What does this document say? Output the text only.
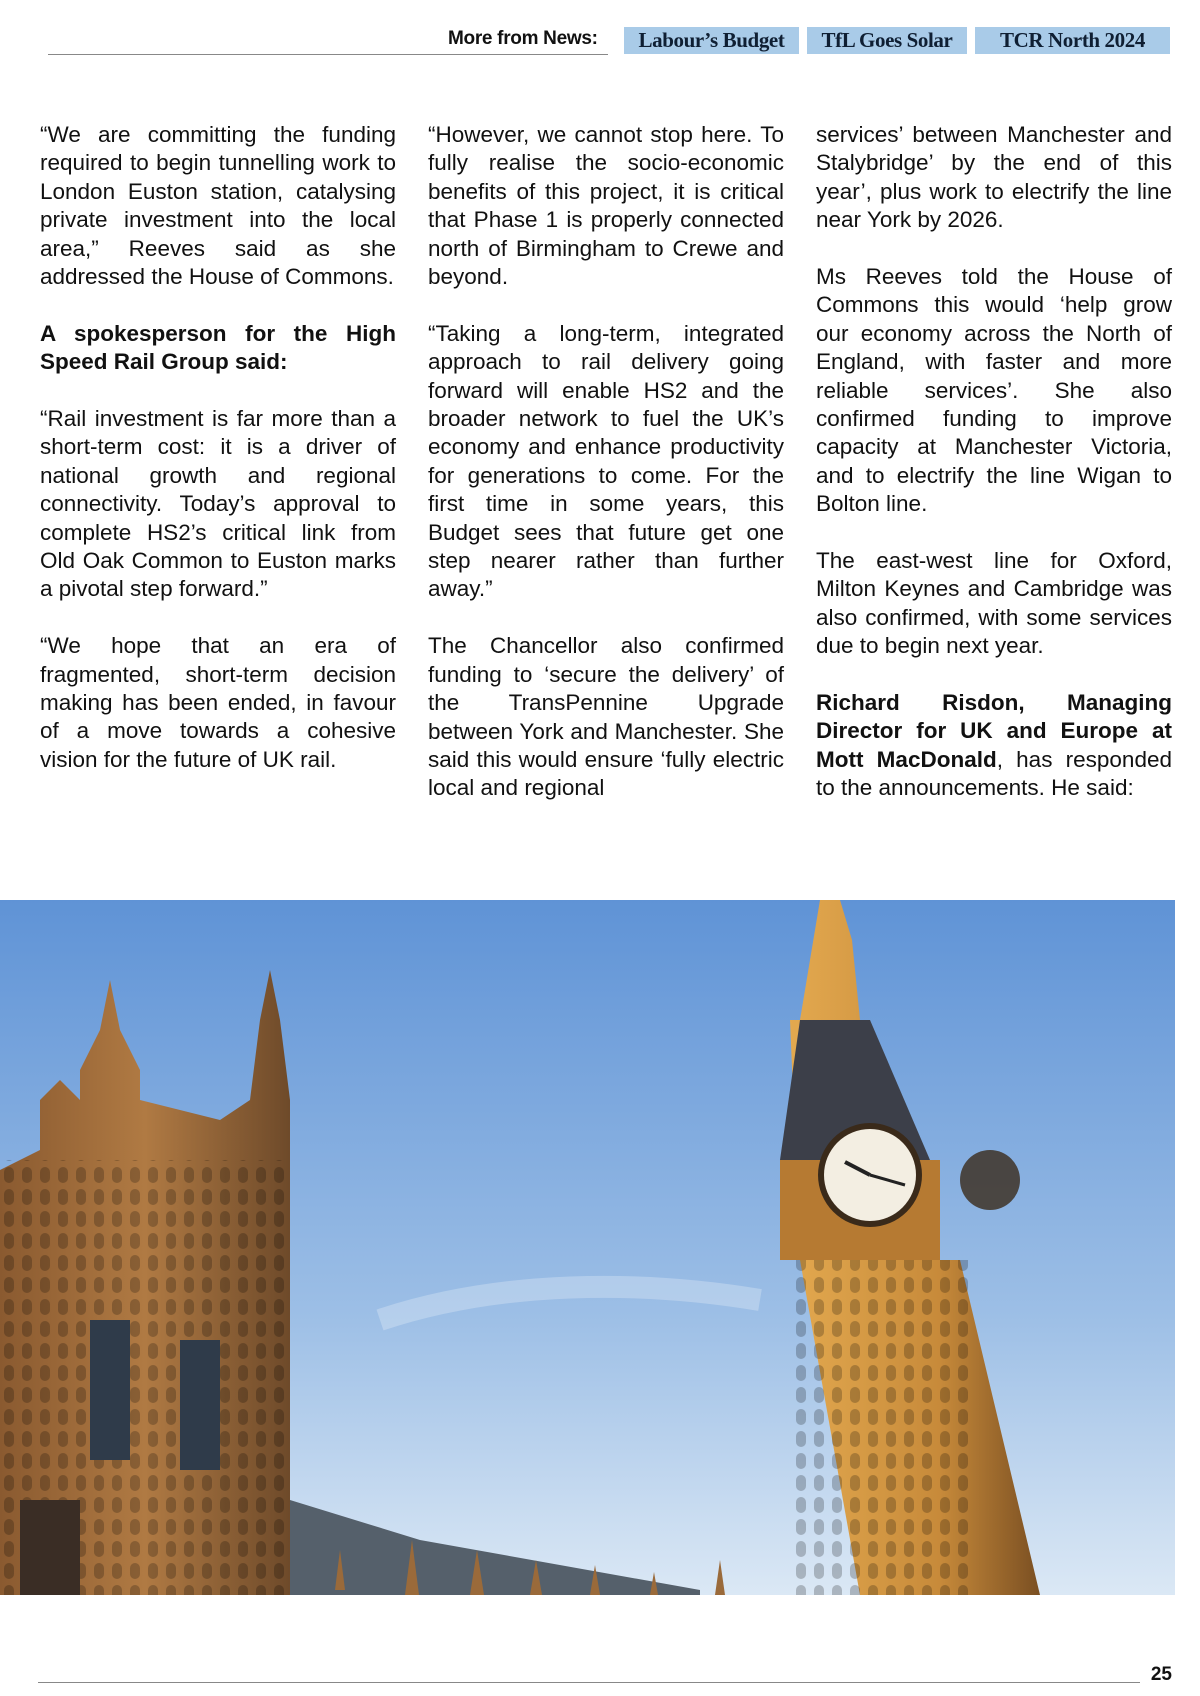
More from News:	Labour’s Budget	TfL Goes Solar	TCR North 2024

“We are committing the funding required to begin tunnelling work to London Euston station, catalysing private investment into the local area,” Reeves said as she addressed the House of Commons.

A spokesperson for the High Speed Rail Group said:

“Rail investment is far more than a short-term cost: it is a driver of national growth and regional connectivity. Today’s approval to complete HS2’s critical link from Old Oak Common to Euston marks a pivotal step forward.”

“We hope that an era of fragmented, short-term decision making has been ended, in favour of a move towards a cohesive vision for the future of UK rail.

“However, we cannot stop here. To fully realise the socio-economic benefits of this project, it is critical that Phase 1 is properly connected north of Birmingham to Crewe and beyond.

“Taking a long-term, integrated approach to rail delivery going forward will enable HS2 and the broader network to fuel the UK’s economy and enhance productivity for generations to come. For the first time in some years, this Budget sees that future get one step nearer rather than further away.”

The Chancellor also confirmed funding to ‘secure the delivery’ of the TransPennine Upgrade between York and Manchester. She said this would ensure ‘fully electric local and regional

services’ between Manchester and Stalybridge’ by the end of this year’, plus work to electrify the line near York by 2026.

Ms Reeves told the House of Commons this would ‘help grow our economy across the North of England, with faster and more reliable services’. She also confirmed funding to improve capacity at Manchester Victoria, and to electrify the line Wigan to Bolton line.

The east-west line for Oxford, Milton Keynes and Cambridge was also confirmed, with some services due to begin next year.

Richard Risdon, Managing Director for UK and Europe at Mott MacDonald, has responded to the announcements. He said:

25
